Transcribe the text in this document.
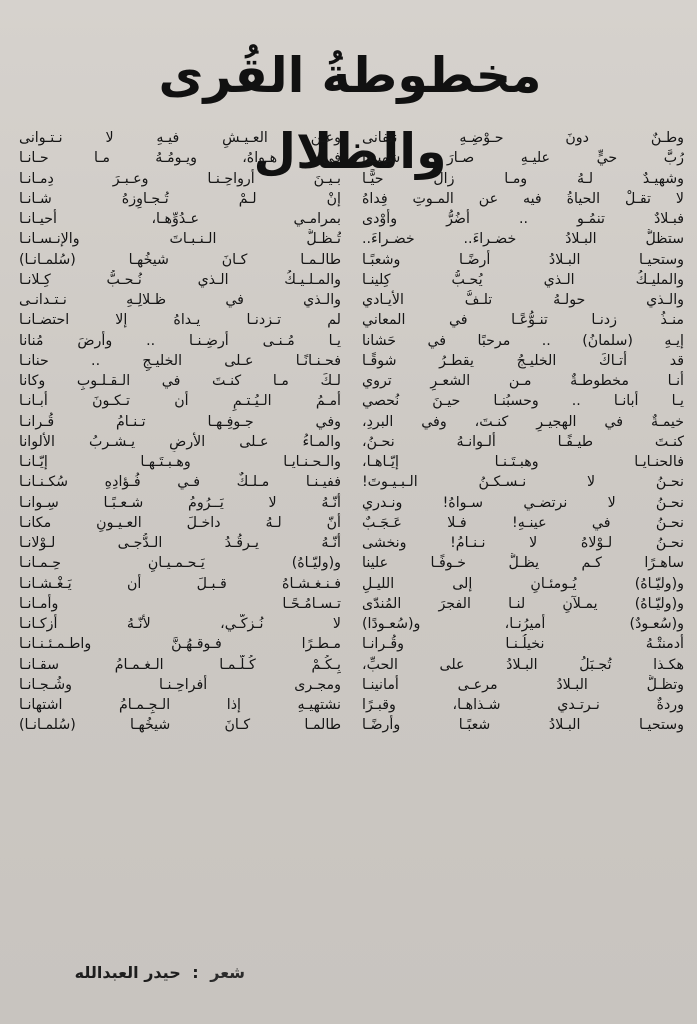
مخطوطةُ القُرى والظلال
وطـنٌ دونَ حـوْضِـهِ نتفانى
رُبَّ حيٍّ عليـهِ صـارَ شهيـدًا
وشهيـدٌ لـهُ ومـا زالَ حيًّـا
لا تقـلْ الحياةُ فيه عن المـوتِ فِداهُ
فبـلادٌ تنمُـو .. أضُرُّ وأوْدى
ستظلُّ البـلادُ خضـراءَ.. خضـراءَ..
وستحيـا البـلادُ أرضًـا وشعبًـا
والمليـكُ الـذي يُحـبُّ كِلينـا
والـذي حولـهُ تلـفُّ الأيـادي
منـذُ زدنـا تنـوُّعًـا في المعاني
إيـهِ (سلمانُ) .. مرحبًا في حَشانا
قد أتـاكَ الخليـجُ يقطـرُ شوقًـا
أنـا مخطوطـةٌ مـن الشعـرِ تروي
يـا أبانـا .. وحسبُنـا حيـنَ نُحصي
خيمـةٌ في الهجيـرِ كنـتَ، وفي البردِ،
كنـتَ طيـفًـا ألـوانـهُ نحـنُ،
فالحنـايـا وهبـتَـنـا إيّـاهـا،
نحـنُ لا نـسـكـنُ الـبـيـوتَ!
نحـنُ لا نرتضـي سـواهُ! ونـدري
نحـنُ في عينـهِ! فـلا عَـجَـبٌ
نحـنُ لـوْلاهُ لا نـنـامُ! ونخشى
ساهـرًا كـم يظـلُّ خـوفًـا علينا
و(وليّـاهُ) يُـومئـانِ إلى الليـلِ
و(وليّـاهُ) يمـلآنِ لنـا الفجرَ المُندّى
و(سُعـودٌ) أميرُنـا، و(سُعـودًا)
أدمنتْـهُ نخيلُـنـا وقُـرانـا
هكـذا تُجـبَلُ البـلادُ على الحبِّ،
وتظـلُّ البـلادُ مرعـى أمانينـا
وردةٌ نـرتـدي شـذاهـا، وقبـرًا
وستحيـا البـلادُ شعبًـا وأرضًـا
وعـن العـيـشِ فيـهِ لا نـتـوانى
في هـواهُ، ويـومُـهُ مـا حـانـا
بـيـنَ أرواحِـنـا وعـبـرَ دِمـانـا
إنْ لـمْ تُـجـاوِزهُ شـانـا
بمرامـي عـدُوِّهـا، أحيـانـا
تُـظـلُّ الـنـبـاتَ والإنـسـانـا
طالـمـا كـانَ شيخُهـا (سُلمـانـا)
والمـلـيـكُ الـذي نُـحـبُّ كِـلانـا
والـذي في ظـلالِـهِ نـتـدانـى
لم تـزدنـا يـداهُ إلا احتضـانـا
يـا مُـنـى أرضِـنـا .. وأرضَ مُنانا
فحـنـانًـا عـلى الخليـجِ .. حنانـا
لـكَ مـا كنـتَ في الـقـلـوبِ وكانا
أمـمُ الـيُـتـمِ أن تـكـونَ أبـانـا
وفي جـوفِـهـا تـنـامُ قُـرانـا
والمـاءُ عـلى الأرضِ يـشـربُ الألوانا
والـحـنـايـا وهـبـتَـهـا إيّـانـا
ففيـنـا مـلـكٌ فـي فُـؤادِهِ سُكـنـانـا
أنّـهُ لا يَــرُومُ شـعـبًـا سِـوانـا
أنّ لـهُ داخـلَ العـيـونِ مكانـا
أنّـهُ يـرقُـدُ الـدُّجـى لـوْلانـا
و(وليّـاهُ) يَـحـمـيـانِ حِـمـانـا
فـنـغـشـاهُ قـبـلَ أن يَـغْـشـانـا
تـسـامُـحًـا وأمـانـا
لا نُـزكّـي، لأنّـهُ أزكـانـا
مـطـرًا فـوقـهُـنَّ واطـمـئـنـانـا
بِـكُـمْ كُـلّـمـا الـغـمـامُ سقـانـا
ومجـرى أفراحِـنـا وشُـجـانـا
نشتهيـهِ إذا الـجِـمـامُ اشتهانـا
طالمـا كـانَ شيخُهـا (سُلمـانـا)
شعر : حيدر العبدالله
